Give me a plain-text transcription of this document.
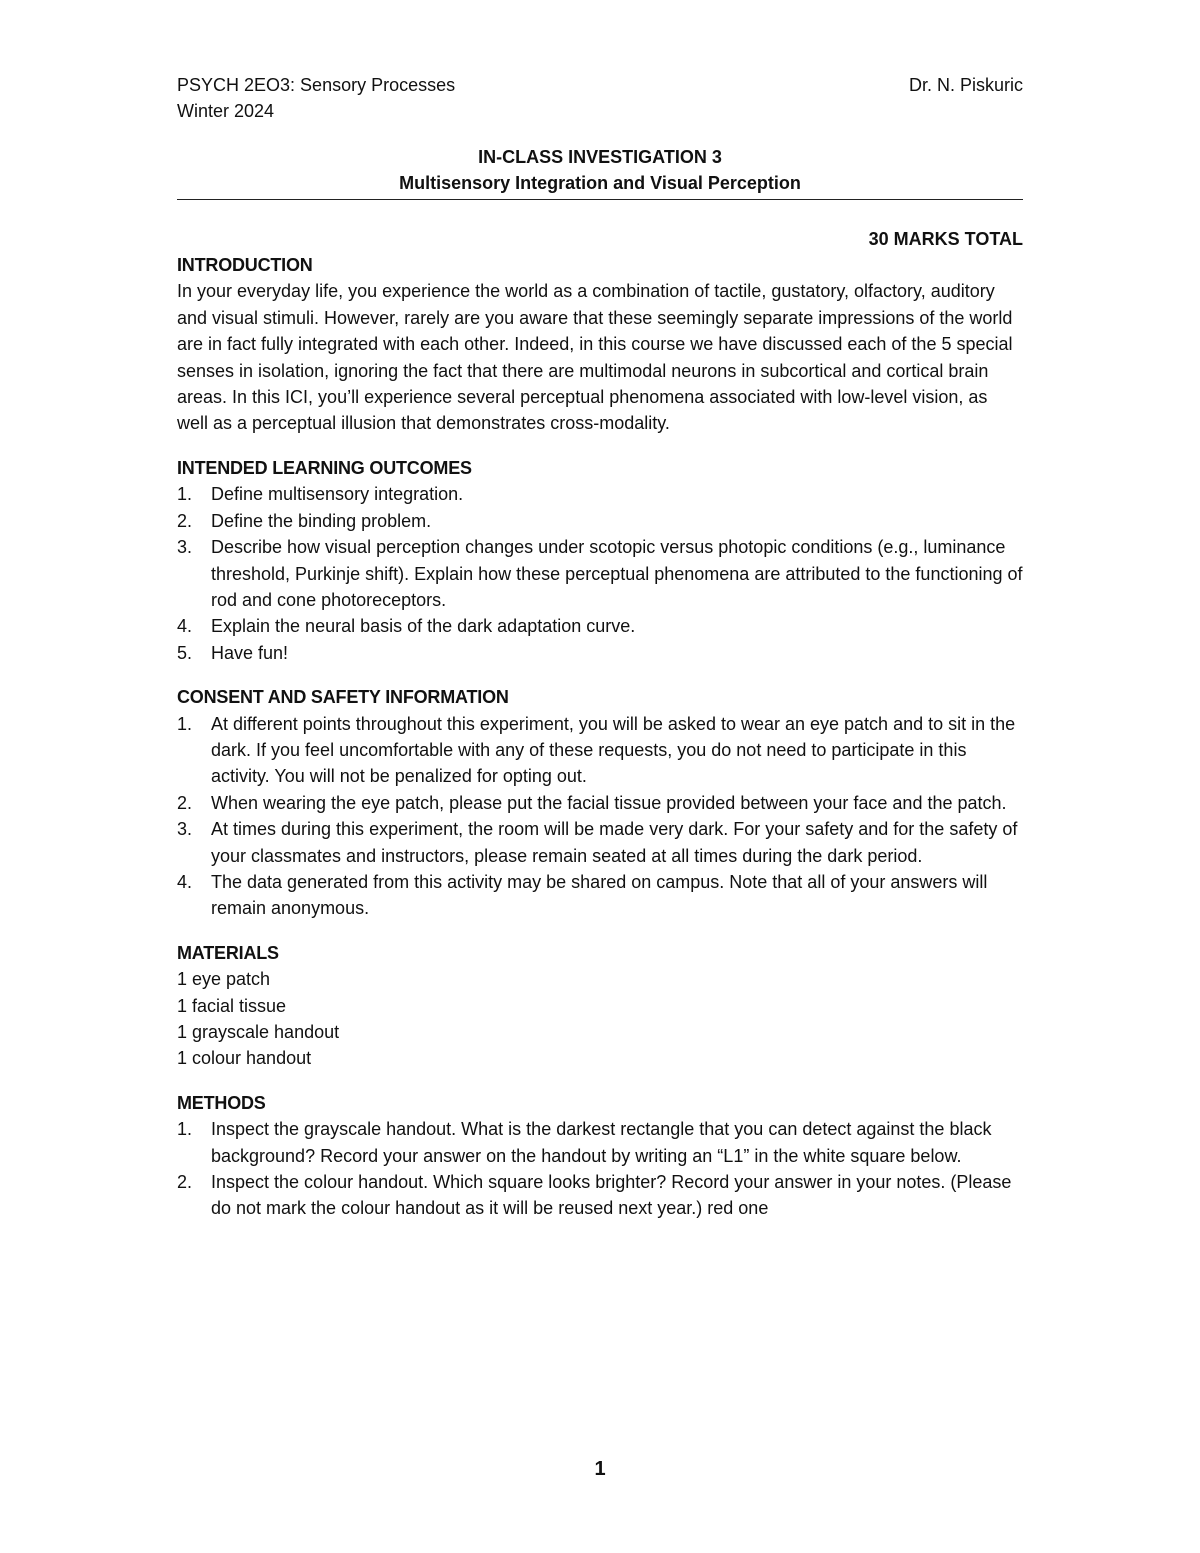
PSYCH 2EO3: Sensory Processes	Dr. N. Piskuric
Winter 2024
IN-CLASS INVESTIGATION 3
Multisensory Integration and Visual Perception
30 MARKS TOTAL
INTRODUCTION
In your everyday life, you experience the world as a combination of tactile, gustatory, olfactory, auditory and visual stimuli. However, rarely are you aware that these seemingly separate impressions of the world are in fact fully integrated with each other. Indeed, in this course we have discussed each of the 5 special senses in isolation, ignoring the fact that there are multimodal neurons in subcortical and cortical brain areas. In this ICI, you’ll experience several perceptual phenomena associated with low-level vision, as well as a perceptual illusion that demonstrates cross-modality.
INTENDED LEARNING OUTCOMES
1.	Define multisensory integration.
2.	Define the binding problem.
3.	Describe how visual perception changes under scotopic versus photopic conditions (e.g., luminance threshold, Purkinje shift). Explain how these perceptual phenomena are attributed to the functioning of rod and cone photoreceptors.
4.	Explain the neural basis of the dark adaptation curve.
5.	Have fun!
CONSENT AND SAFETY INFORMATION
1.	At different points throughout this experiment, you will be asked to wear an eye patch and to sit in the dark. If you feel uncomfortable with any of these requests, you do not need to participate in this activity. You will not be penalized for opting out.
2.	When wearing the eye patch, please put the facial tissue provided between your face and the patch.
3.	At times during this experiment, the room will be made very dark. For your safety and for the safety of your classmates and instructors, please remain seated at all times during the dark period.
4.	The data generated from this activity may be shared on campus. Note that all of your answers will remain anonymous.
MATERIALS
1 eye patch
1 facial tissue
1 grayscale handout
1 colour handout
METHODS
1.	Inspect the grayscale handout. What is the darkest rectangle that you can detect against the black background? Record your answer on the handout by writing an “L1” in the white square below.
2.	Inspect the colour handout. Which square looks brighter? Record your answer in your notes. (Please do not mark the colour handout as it will be reused next year.) red one
1
